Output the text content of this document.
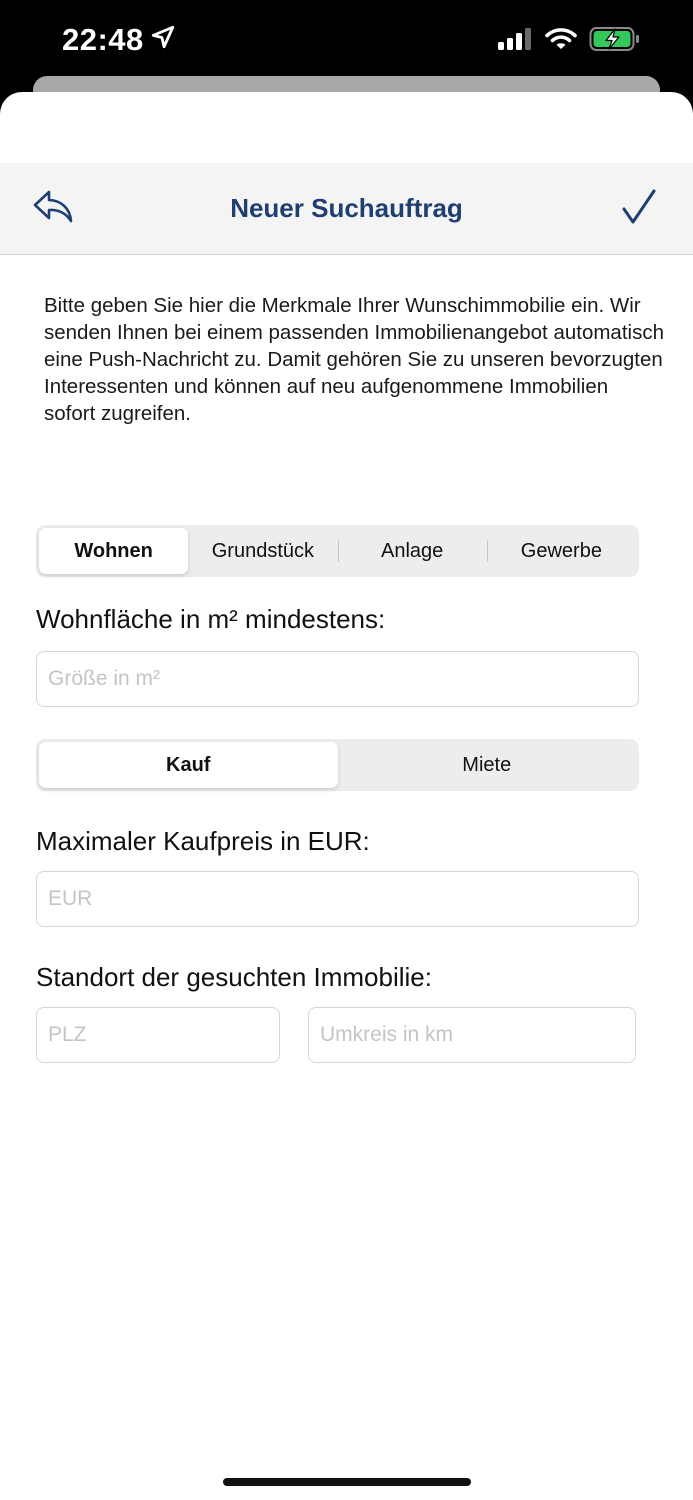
22:48
Neuer Suchauftrag
Bitte geben Sie hier die Merkmale Ihrer Wunschimmobilie ein. Wir senden Ihnen bei einem passenden Immobilienangebot automatisch eine Push-Nachricht zu. Damit gehören Sie zu unseren bevorzugten Interessenten und können auf neu aufgenommene Immobilien sofort zugreifen.
Wohnen	Grundstück	Anlage	Gewerbe
Wohnfläche in m² mindestens:
Größe in m²
Kauf	Miete
Maximaler Kaufpreis in EUR:
EUR
Standort der gesuchten Immobilie:
PLZ
Umkreis in km
